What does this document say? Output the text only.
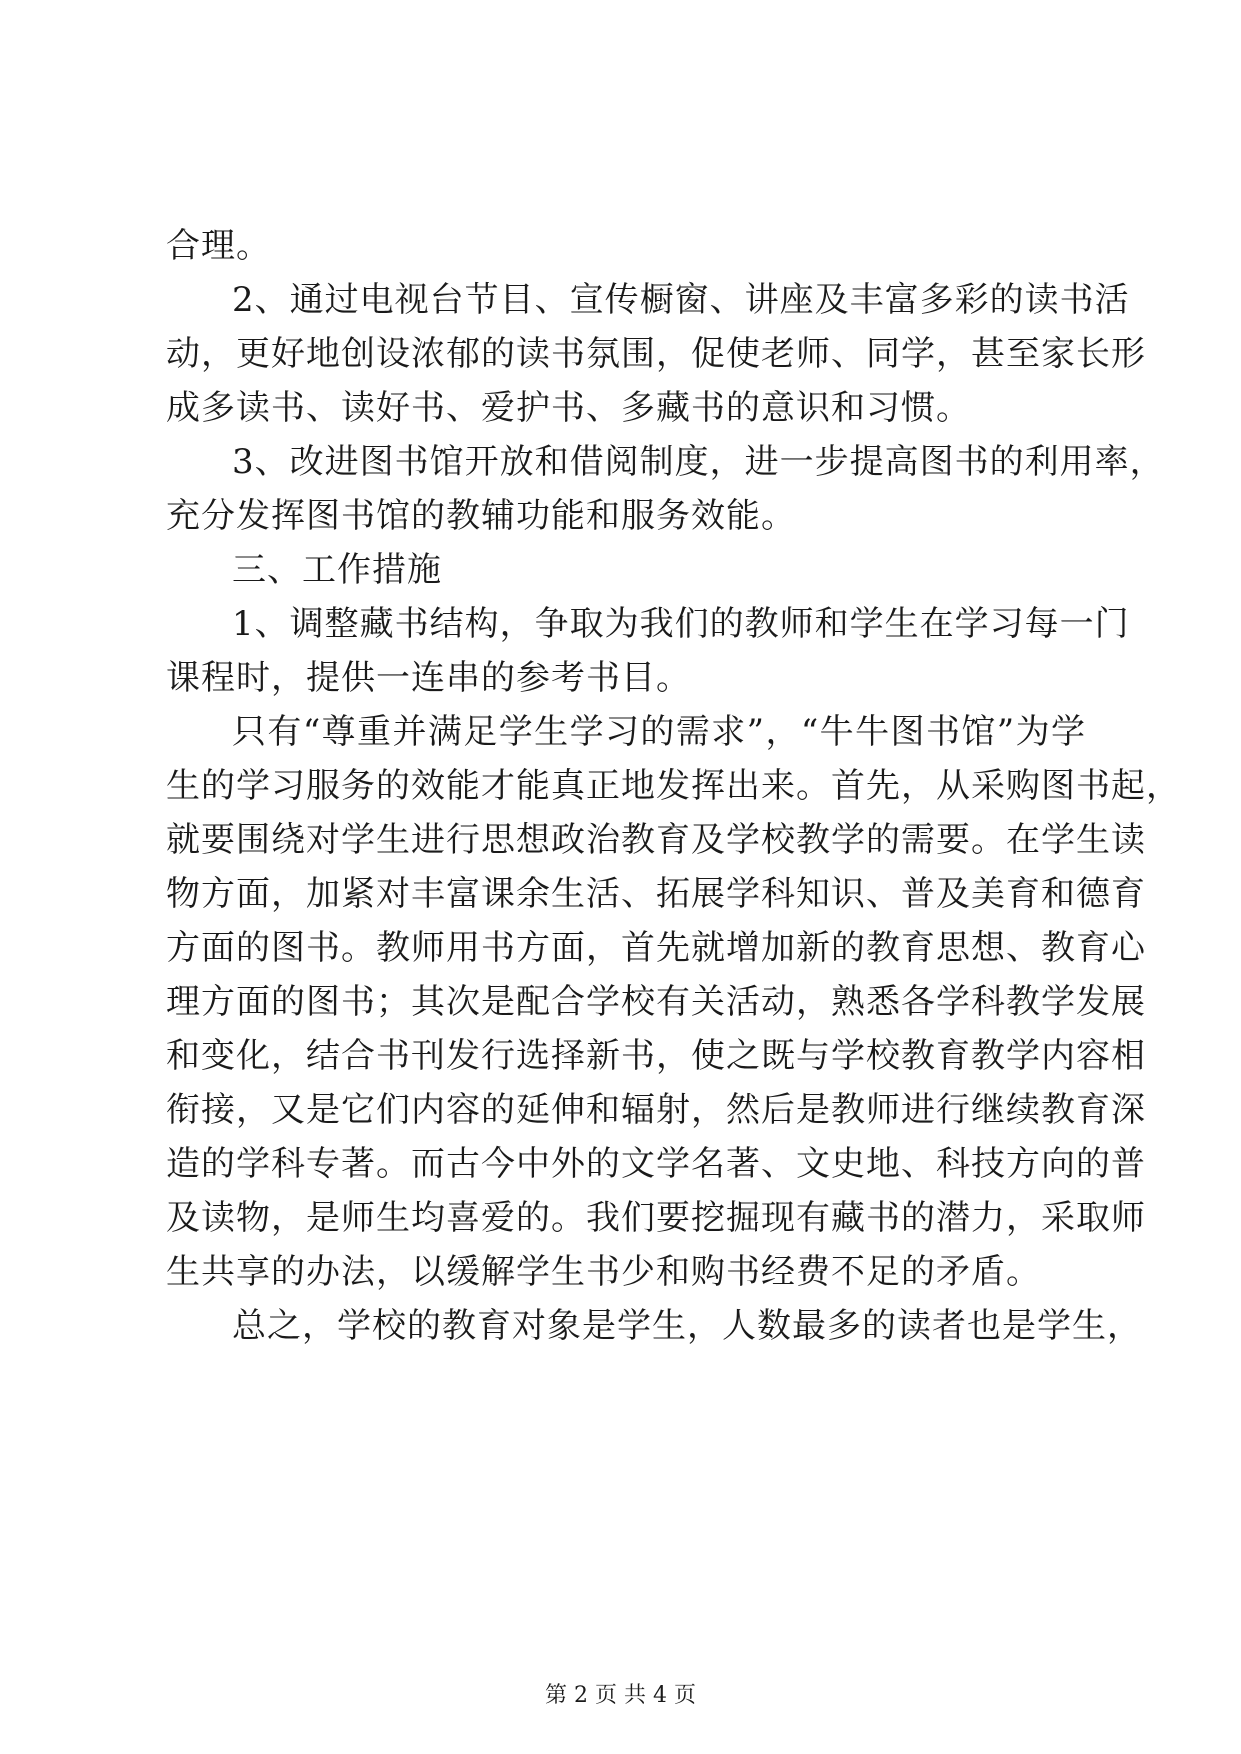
合理。
2、通过电视台节目、宣传橱窗、讲座及丰富多彩的读书活
动，更好地创设浓郁的读书氛围，促使老师、同学，甚至家长形
成多读书、读好书、爱护书、多藏书的意识和习惯。
3、改进图书馆开放和借阅制度，进一步提高图书的利用率，
充分发挥图书馆的教辅功能和服务效能。
三、工作措施
1、调整藏书结构，争取为我们的教师和学生在学习每一门
课程时，提供一连串的参考书目。
只有“尊重并满足学生学习的需求”，“牛牛图书馆”为学
生的学习服务的效能才能真正地发挥出来。首先，从采购图书起，
就要围绕对学生进行思想政治教育及学校教学的需要。在学生读
物方面，加紧对丰富课余生活、拓展学科知识、普及美育和德育
方面的图书。教师用书方面，首先就增加新的教育思想、教育心
理方面的图书；其次是配合学校有关活动，熟悉各学科教学发展
和变化，结合书刊发行选择新书，使之既与学校教育教学内容相
衔接，又是它们内容的延伸和辐射，然后是教师进行继续教育深
造的学科专著。而古今中外的文学名著、文史地、科技方向的普
及读物，是师生均喜爱的。我们要挖掘现有藏书的潜力，采取师
生共享的办法，以缓解学生书少和购书经费不足的矛盾。
总之，学校的教育对象是学生，人数最多的读者也是学生，
第 2 页 共 4 页
